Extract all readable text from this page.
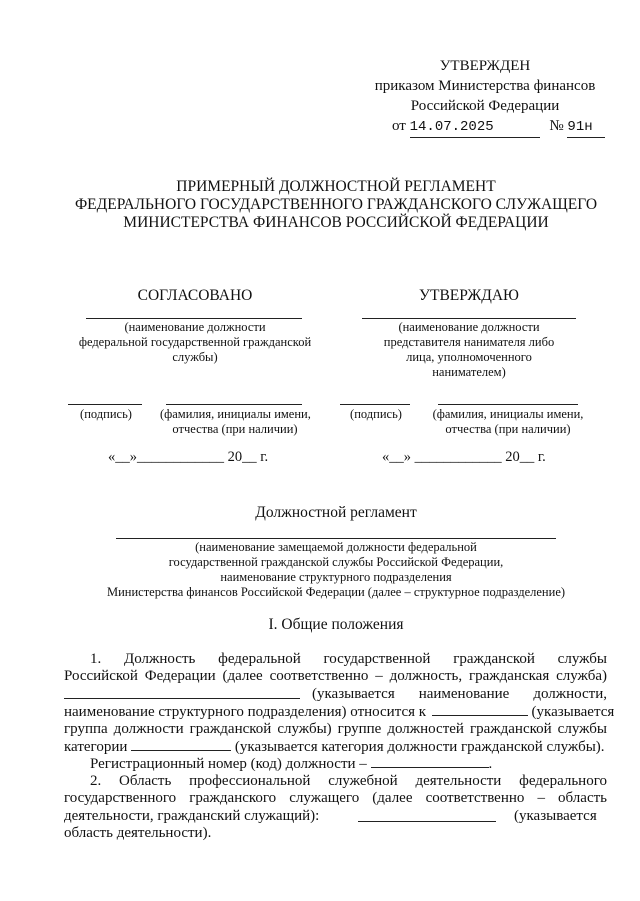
УТВЕРЖДЕН
приказом Министерства финансов
Российской Федерации
от 14.07.2025	№ 91н
ПРИМЕРНЫЙ ДОЛЖНОСТНОЙ РЕГЛАМЕНТ
ФЕДЕРАЛЬНОГО ГОСУДАРСТВЕННОГО ГРАЖДАНСКОГО СЛУЖАЩЕГО
МИНИСТЕРСТВА ФИНАНСОВ РОССИЙСКОЙ ФЕДЕРАЦИИ
СОГЛАСОВАНО
(наименование должности
федеральной государственной гражданской
службы)
(подпись)	(фамилия, инициалы имени,
отчества (при наличии)
«__»____________ 20__ г.
УТВЕРЖДАЮ
(наименование должности
представителя нанимателя либо
лица, уполномоченного
нанимателем)
(подпись)	(фамилия, инициалы имени,
отчества (при наличии)
«__» ____________ 20__ г.
Должностной регламент
(наименование замещаемой должности федеральной
государственной гражданской службы Российской Федерации,
наименование структурного подразделения
Министерства финансов Российской Федерации (далее – структурное подразделение)
I. Общие положения
1. Должность федеральной государственной гражданской службы
Российской Федерации (далее соответственно – должность, гражданская служба)
(указывается наименование должности,
наименование структурного подразделения) относится к	(указывается
группа должности гражданской службы) группе должностей гражданской службы
категории	(указывается категория должности гражданской службы).
Регистрационный номер (код) должности –	.
2. Область профессиональной служебной деятельности федерального
государственного гражданского служащего (далее соответственно – область
деятельности, гражданский служащий):	(указывается
область деятельности).
